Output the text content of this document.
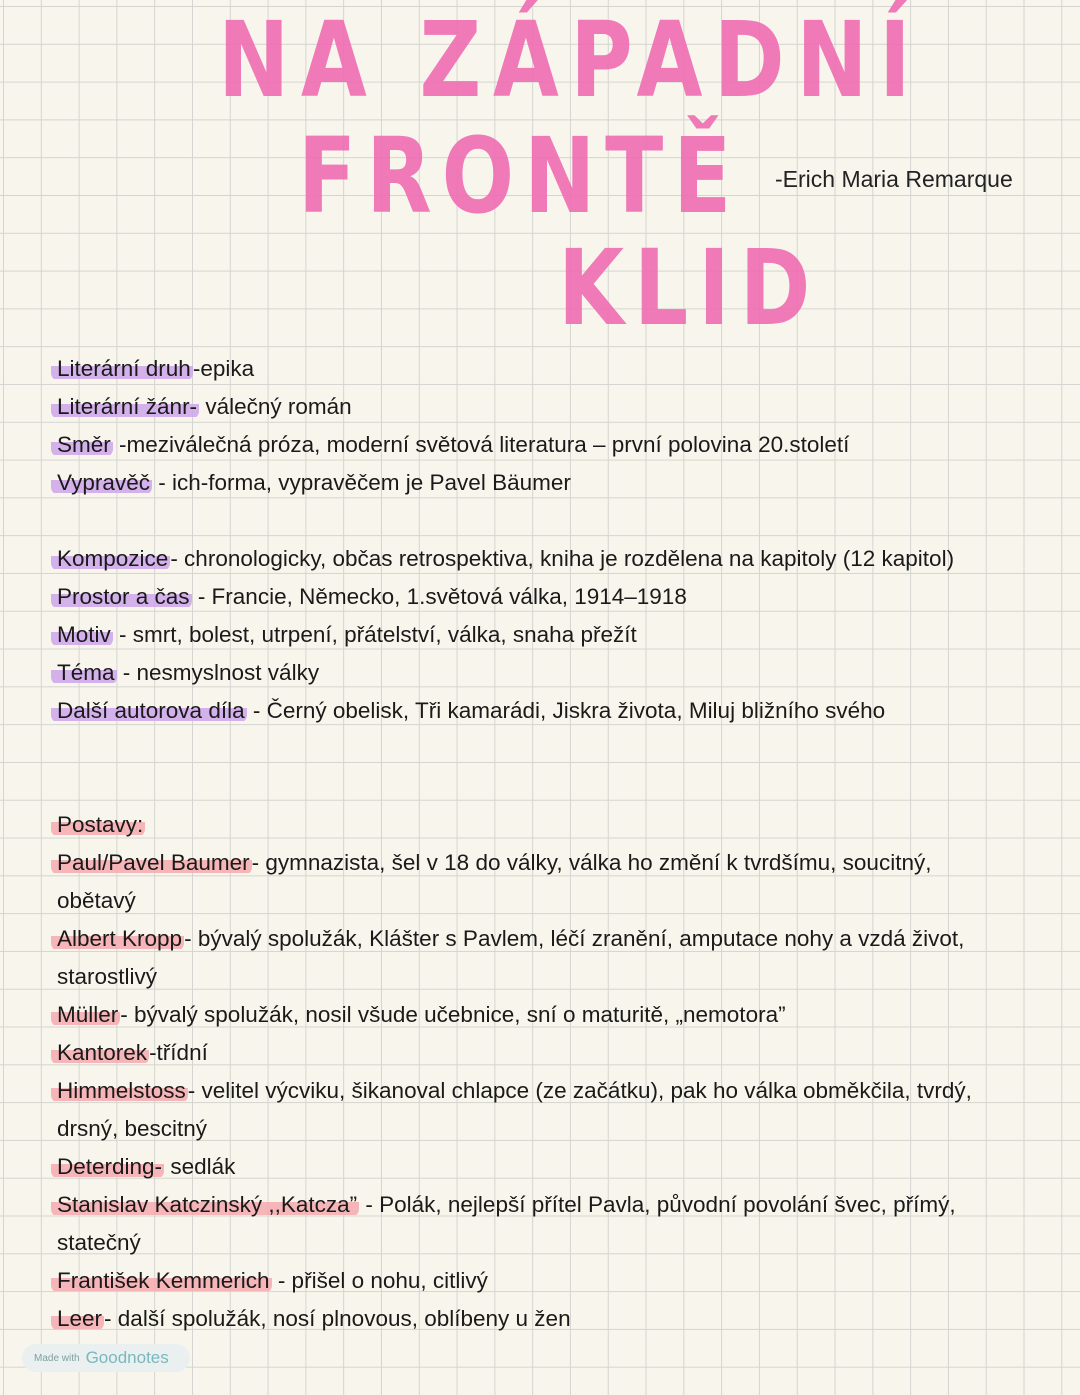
NA ZÁPADNÍ
FRONTĚ
KLID
-Erich Maria Remarque
Literární druh-epika
Literární žánr- válečný román
Směr -meziválečná próza, moderní světová literatura – první polovina 20.století
Vypravěč - ich-forma, vypravěčem je Pavel Bäumer
Kompozice- chronologicky, občas retrospektiva, kniha je rozdělena na kapitoly (12 kapitol)
Prostor a čas - Francie, Německo, 1.světová válka, 1914–1918
Motiv - smrt, bolest, utrpení, přátelství, válka, snaha přežít
Téma - nesmyslnost války
Další autorova díla - Černý obelisk, Tři kamarádi, Jiskra života, Miluj bližního svého
Postavy:
Paul/Pavel Baumer- gymnazista, šel v 18 do války, válka ho změní k tvrdšímu, soucitný,
obětavý
Albert Kropp- bývalý spolužák, Klášter s Pavlem, léčí zranění, amputace nohy a vzdá život,
starostlivý
Müller- bývalý spolužák, nosil všude učebnice, sní o maturitě, „nemotora”
Kantorek-třídní
Himmelstoss- velitel výcviku, šikanoval chlapce (ze začátku), pak ho válka obměkčila, tvrdý,
drsný, bescitný
Deterding- sedlák
Stanislav Katczinský ,,Katcza” - Polák, nejlepší přítel Pavla, původní povolání švec, přímý,
statečný
František Kemmerich - přišel o nohu, citlivý
Leer- další spolužák, nosí plnovous, oblíbeny u žen
Made with Goodnotes
